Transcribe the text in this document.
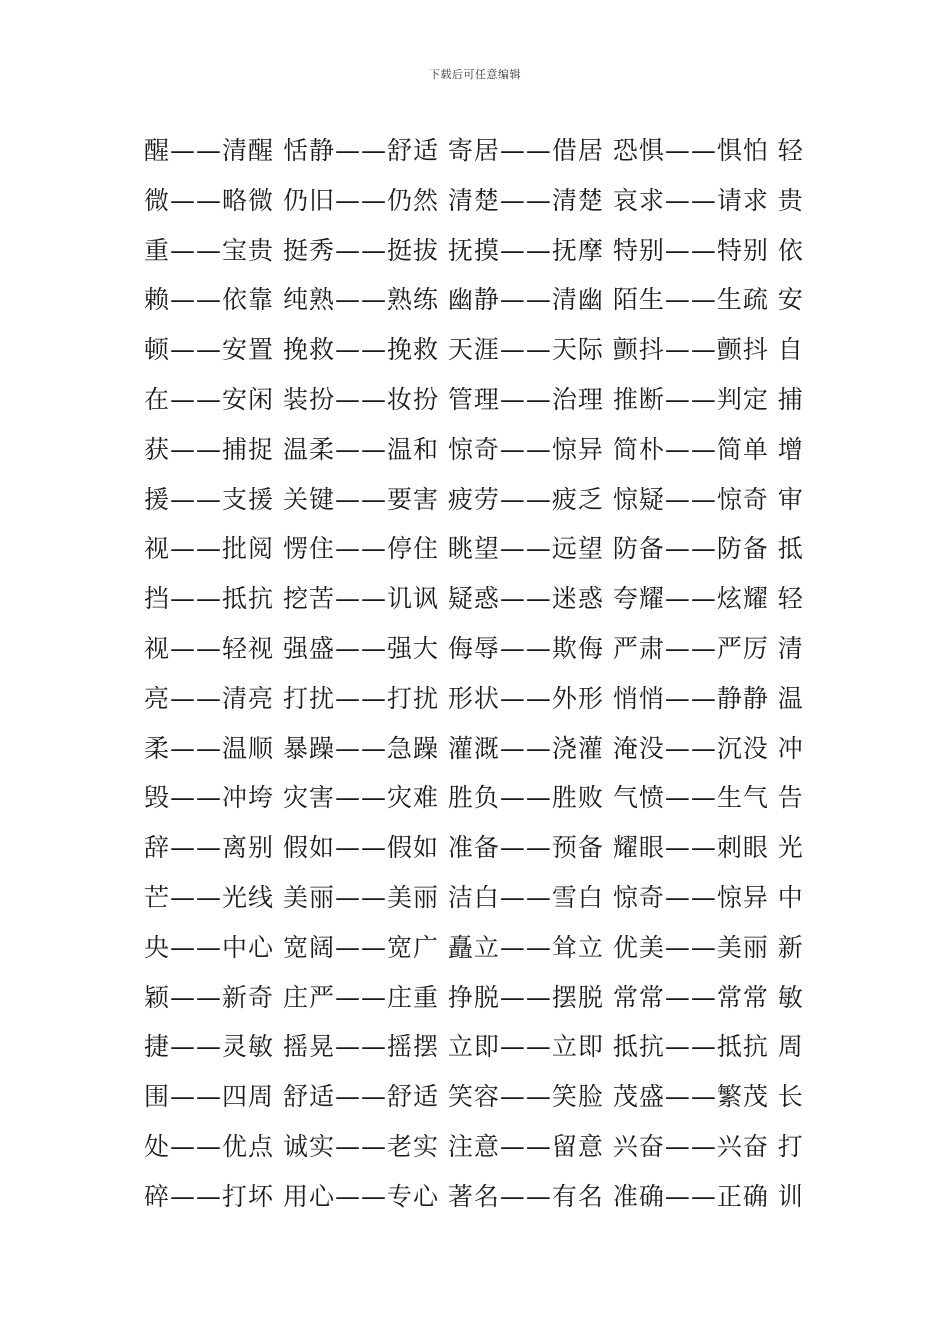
下载后可任意编辑
醒——清醒 恬静——舒适 寄居——借居 恐惧——惧怕 轻
微——略微 仍旧——仍然 清楚——清楚 哀求——请求 贵
重——宝贵 挺秀——挺拔 抚摸——抚摩 特别——特别 依
赖——依靠 纯熟——熟练 幽静——清幽 陌生——生疏 安
顿——安置 挽救——挽救 天涯——天际 颤抖——颤抖 自
在——安闲 装扮——妆扮 管理——治理 推断——判定 捕
获——捕捉 温柔——温和 惊奇——惊异 简朴——简单 增
援——支援 关键——要害 疲劳——疲乏 惊疑——惊奇 审
视——批阅 愣住——停住 眺望——远望 防备——防备 抵
挡——抵抗 挖苦——讥讽 疑惑——迷惑 夸耀——炫耀 轻
视——轻视 强盛——强大 侮辱——欺侮 严肃——严厉 清
亮——清亮 打扰——打扰 形状——外形 悄悄——静静 温
柔——温顺 暴躁——急躁 灌溉——浇灌 淹没——沉没 冲
毁——冲垮 灾害——灾难 胜负——胜败 气愤——生气 告
辞——离别 假如——假如 准备——预备 耀眼——刺眼 光
芒——光线 美丽——美丽 洁白——雪白 惊奇——惊异 中
央——中心 宽阔——宽广 矗立——耸立 优美——美丽 新
颖——新奇 庄严——庄重 挣脱——摆脱 常常——常常 敏
捷——灵敏 摇晃——摇摆 立即——立即 抵抗——抵抗 周
围——四周 舒适——舒适 笑容——笑脸 茂盛——繁茂 长
处——优点 诚实——老实 注意——留意 兴奋——兴奋 打
碎——打坏 用心——专心 著名——有名 准确——正确 训
